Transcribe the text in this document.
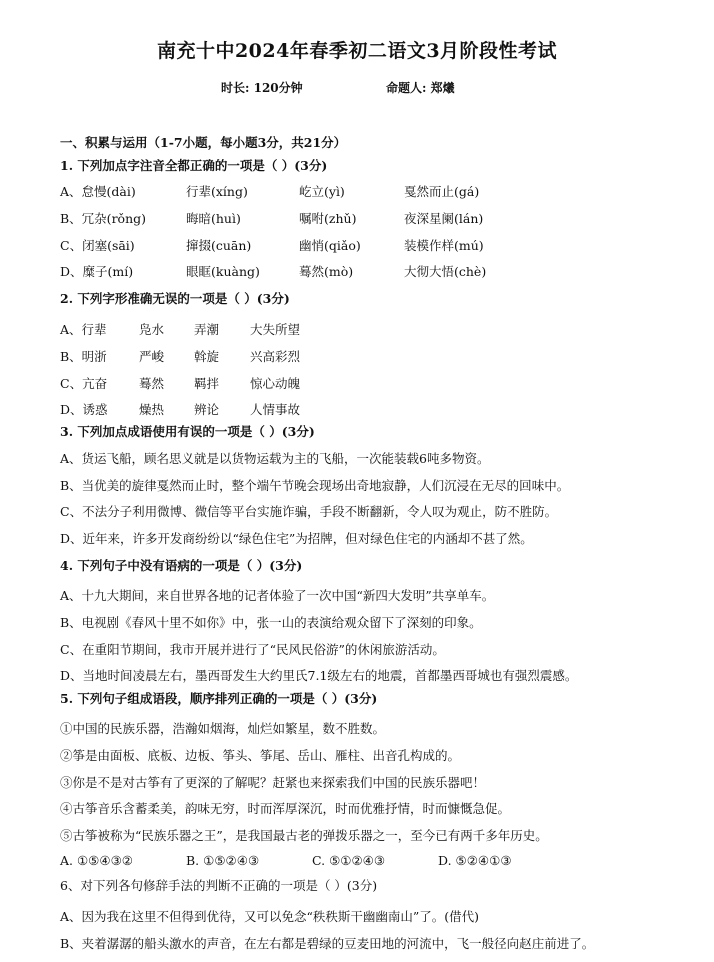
南充十中2024年春季初二语文3月阶段性考试
时长: 120分钟	命题人: 郑爔
一、积累与运用（1-7小题，每小题3分，共21分）
1. 下列加点字注音全都正确的一项是（ ）(3分)
A、怠慢(dài)	行辈(xíng)	屹立(yì)	戛然而止(gá)
B、冗杂(rǒng)	晦暗(huì)	嘱咐(zhǔ)	夜深星阑(lán)
C、闭塞(sāi)	撺掇(cuān)	幽悄(qiǎo)	装模作样(mú)
D、糜子(mí)	眼眶(kuàng)	蓦然(mò)	大彻大悟(chè)
2. 下列字形准确无误的一项是（ ）(3分)
A、行辈	凫水 弄潮 大失所望
B、明浙	严峻 斡旋 兴高彩烈
C、亢奋	蓦然 羁拌 惊心动魄
D、诱惑	燥热 辨论 人情事故
3. 下列加点成语使用有误的一项是（ ）(3分)
A、货运飞船，顾名思义就是以货物运载为主的飞船，一次能装载6吨多物资。
B、当优美的旋律戛然而止时，整个端午节晚会现场出奇地寂静，人们沉浸在无尽的回味中。
C、不法分子利用微博、微信等平台实施诈骗，手段不断翻新，令人叹为观止，防不胜防。
D、近年来，许多开发商纷纷以“绿色住宅”为招牌，但对绿色住宅的内涵却不甚了然。
4. 下列句子中没有语病的一项是（ ）(3分)
A、十九大期间，来自世界各地的记者体验了一次中国“新四大发明”共享单车。
B、电视剧《春风十里不如你》中，张一山的表演给观众留下了深刻的印象。
C、在重阳节期间，我市开展并进行了“民风民俗游”的休闲旅游活动。
D、当地时间凌晨左右，墨西哥发生大约里氏7.1级左右的地震，首都墨西哥城也有强烈震感。
5. 下列句子组成语段，顺序排列正确的一项是（ ）(3分)
①中国的民族乐器，浩瀚如烟海，灿烂如繁星，数不胜数。
②筝是由面板、底板、边板、筝头、筝尾、岳山、雁柱、出音孔构成的。
③你是不是对古筝有了更深的了解呢？赶紧也来探索我们中国的民族乐器吧！
④古筝音乐含蓄柔美，韵味无穷，时而浑厚深沉，时而优雅抒情，时而慷慨急促。
⑤古筝被称为“民族乐器之王”，是我国最古老的弹拨乐器之一，至今已有两千多年历史。
A. ①⑤④③②	B. ①⑤②④③	C. ⑤①②④③	D. ⑤②④①③
6、对下列各句修辞手法的判断不正确的一项是（ ）(3分)
A、因为我在这里不但得到优待，又可以免念“秩秩斯干幽幽南山”了。(借代)
B、夹着潺潺的船头激水的声音，在左右都是碧绿的豆麦田地的河流中，飞一般径向赵庄前进了。
